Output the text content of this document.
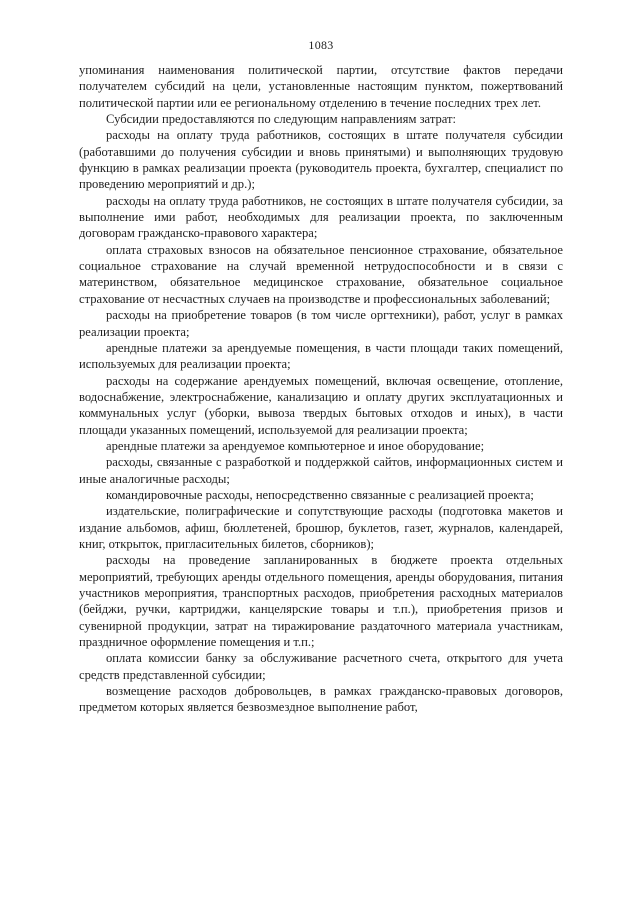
1083

упоминания наименования политической партии, отсутствие фактов передачи получателем субсидий на цели, установленные настоящим пунктом, пожертвований политической партии или ее региональному отделению в течение последних трех лет.

Субсидии предоставляются по следующим направлениям затрат:

расходы на оплату труда работников, состоящих в штате получателя субсидии (работавшими до получения субсидии и вновь принятыми) и выполняющих трудовую функцию в рамках реализации проекта (руководитель проекта, бухгалтер, специалист по проведению мероприятий и др.);

расходы на оплату труда работников, не состоящих в штате получателя субсидии, за выполнение ими работ, необходимых для реализации проекта, по заключенным договорам гражданско-правового характера;

оплата страховых взносов на обязательное пенсионное страхование, обязательное социальное страхование на случай временной нетрудоспособности и в связи с материнством, обязательное медицинское страхование, обязательное социальное страхование от несчастных случаев на производстве и профессиональных заболеваний;

расходы на приобретение товаров (в том числе оргтехники), работ, услуг в рамках реализации проекта;

арендные платежи за арендуемые помещения, в части площади таких помещений, используемых для реализации проекта;

расходы на содержание арендуемых помещений, включая освещение, отопление, водоснабжение, электроснабжение, канализацию и оплату других эксплуатационных и коммунальных услуг (уборки, вывоза твердых бытовых отходов и иных), в части площади указанных помещений, используемой для реализации проекта;

арендные платежи за арендуемое компьютерное и иное оборудование;

расходы, связанные с разработкой и поддержкой сайтов, информационных систем и иные аналогичные расходы;

командировочные расходы, непосредственно связанные с реализацией проекта;

издательские, полиграфические и сопутствующие расходы (подготовка макетов и издание альбомов, афиш, бюллетеней, брошюр, буклетов, газет, журналов, календарей, книг, открыток, пригласительных билетов, сборников);

расходы на проведение запланированных в бюджете проекта отдельных мероприятий, требующих аренды отдельного помещения, аренды оборудования, питания участников мероприятия, транспортных расходов, приобретения расходных материалов (бейджи, ручки, картриджи, канцелярские товары и т.п.), приобретения призов и сувенирной продукции, затрат на тиражирование раздаточного материала участникам, праздничное оформление помещения и т.п.;

оплата комиссии банку за обслуживание расчетного счета, открытого для учета средств представленной субсидии;

возмещение расходов добровольцев, в рамках гражданско-правовых договоров, предметом которых является безвозмездное выполнение работ,
